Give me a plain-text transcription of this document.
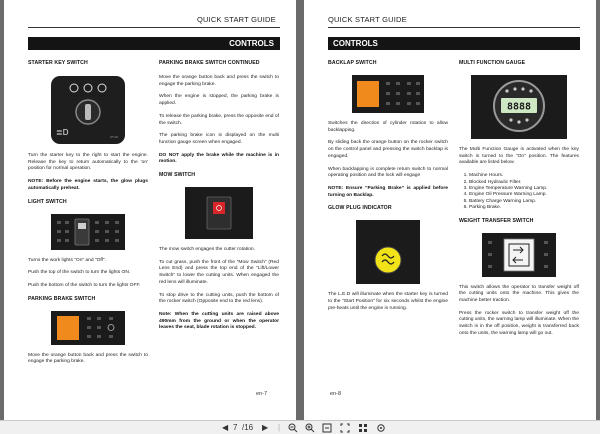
QUICK START GUIDE
CONTROLS
STARTER KEY SWITCH
≣D	ST-00

Turn the starter key to the right to start the engine. Release the key to return automatically to the 'on' position for normal operation.

NOTE: Before the engine starts, the glow plugs automatically preheat.

LIGHT SWITCH

Turns the work lights “On” and “Off”.

Push the top of the switch to turn the lights ON.

Push the bottom of the switch to turn the lights OFF.

PARKING BRAKE SWITCH

Move the orange button back and press the switch to engage the parking brake.

PARKING BRAKE SWITCH CONTINUED

Move the orange button back and press the switch to engage the parking brake.

When the engine is stopped, the parking brake is applied.

To release the parking brake, press the opposite end of the switch.

The parking brake icon is displayed on the multi function gauge screen when engaged.

DO NOT apply the brake while the machine is in motion.

MOW SWITCH

The mow switch engages the cutter rotation.

To cut grass, push the front of the “Mow Switch” (Red Lens End) and press the top end of the “Lift/Lower Switch” to lower the cutting units. When engaged the red lens will illuminate.

To stop drive to the cutting units, push the bottom of the rocker switch (Opposite end to the red lens).

Note: When the cutting units are raised above 490mm from the ground or when the operator leaves the seat, blade rotation is stopped.

en-7
QUICK START GUIDE
CONTROLS
BACKLAP SWITCH

Switches the direction of cylinder rotation to allow backlapping.

By sliding back the orange button on the rocker switch on the control panel and pressing the switch backlap is engaged.

When backlapping is complete return switch to normal operating position and the lock will engage

NOTE: Ensure “Parking Brake” is applied before turning on Backlap.

GLOW PLUG INDICATOR

The L.E.D will illuminate when the starter key is turned to the “Start Position” for six seconds whilst the engine pre-heats until the engine is running.

MULTI FUNCTION GAUGE
8888

The Multi Function Gauge is activated when the key switch is turned to the “On” position. The features available are listed below.

1. Machine Hours.
2. Blocked Hydraulic Filter.
3. Engine Temperature Warning Lamp.
4. Engine Oil Pressure Warning Lamp.
5. Battery Charge Warning Lamp.
6. Parking Brake.
WEIGHT TRANSFER SWITCH

This switch allows the operator to transfer weight off the cutting units onto the machine. This gives the machine better traction.

Press the rocker switch to transfer weight off the cutting units, the warning lamp will illuminate. When the switch is in the off position, weight is transferred back onto the units, the warning lamp will go out.

en-8
◀ 7 /16 ▶ |
